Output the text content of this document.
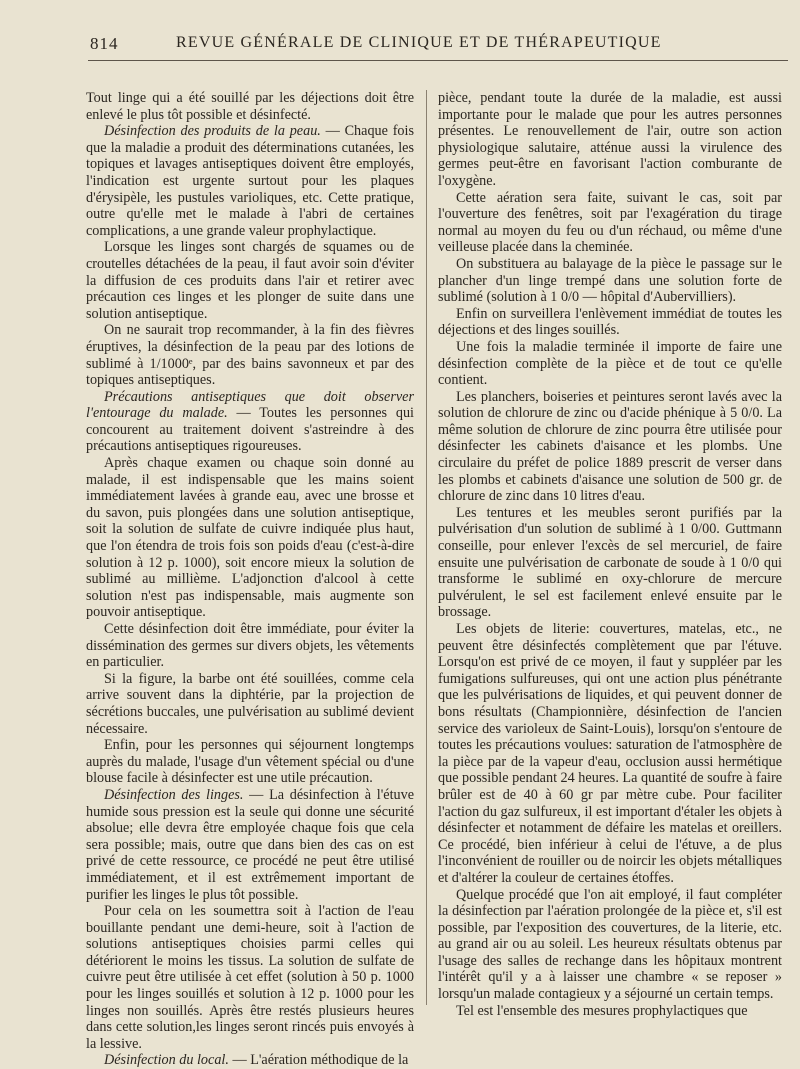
814	REVUE GÉNÉRALE DE CLINIQUE ET DE THÉRAPEUTIQUE

Tout linge qui a été souillé par les déjections doit être enlevé le plus tôt possible et désinfecté.

Désinfection des produits de la peau. — Chaque fois que la maladie a produit des déterminations cutanées, les topiques et lavages antiseptiques doivent être employés, l'indication est urgente surtout pour les plaques d'érysipèle, les pustules varioliques, etc. Cette pratique, outre qu'elle met le malade à l'abri de certaines complications, a une grande valeur prophylactique.

Lorsque les linges sont chargés de squames ou de croutelles détachées de la peau, il faut avoir soin d'éviter la diffusion de ces produits dans l'air et retirer avec précaution ces linges et les plonger de suite dans une solution antiseptique.

On ne saurait trop recommander, à la fin des fièvres éruptives, la désinfection de la peau par des lotions de sublimé à 1/1000ᵉ, par des bains savonneux et par des topiques antiseptiques.

Précautions antiseptiques que doit observer l'entourage du malade. — Toutes les personnes qui concourent au traitement doivent s'astreindre à des précautions antiseptiques rigoureuses.

Après chaque examen ou chaque soin donné au malade, il est indispensable que les mains soient immédiatement lavées à grande eau, avec une brosse et du savon, puis plongées dans une solution antiseptique, soit la solution de sulfate de cuivre indiquée plus haut, que l'on étendra de trois fois son poids d'eau (c'est-à-dire solution à 12 p. 1000), soit encore mieux la solution de sublimé au millième. L'adjonction d'alcool à cette solution n'est pas indispensable, mais augmente son pouvoir antiseptique.

Cette désinfection doit être immédiate, pour éviter la dissémination des germes sur divers objets, les vêtements en particulier.

Si la figure, la barbe ont été souillées, comme cela arrive souvent dans la diphtérie, par la projection de sécrétions buccales, une pulvérisation au sublimé devient nécessaire.

Enfin, pour les personnes qui séjournent longtemps auprès du malade, l'usage d'un vêtement spécial ou d'une blouse facile à désinfecter est une utile précaution.

Désinfection des linges. — La désinfection à l'étuve humide sous pression est la seule qui donne une sécurité absolue; elle devra être employée chaque fois que cela sera possible; mais, outre que dans bien des cas on est privé de cette ressource, ce procédé ne peut être utilisé immédiatement, et il est extrêmement important de purifier les linges le plus tôt possible.

Pour cela on les soumettra soit à l'action de l'eau bouillante pendant une demi-heure, soit à l'action de solutions antiseptiques choisies parmi celles qui détériorent le moins les tissus. La solution de sulfate de cuivre peut être utilisée à cet effet (solution à 50 p. 1000 pour les linges souillés et solution à 12 p. 1000 pour les linges non souillés. Après être restés plusieurs heures dans cette solution,les linges seront rincés puis envoyés à la lessive.

Désinfection du local. — L'aération méthodique de la

pièce, pendant toute la durée de la maladie, est aussi importante pour le malade que pour les autres personnes présentes. Le renouvellement de l'air, outre son action physiologique salutaire, atténue aussi la virulence des germes peut-être en favorisant l'action comburante de l'oxygène.

Cette aération sera faite, suivant le cas, soit par l'ouverture des fenêtres, soit par l'exagération du tirage normal au moyen du feu ou d'un réchaud, ou même d'une veilleuse placée dans la cheminée.

On substituera au balayage de la pièce le passage sur le plancher d'un linge trempé dans une solution forte de sublimé (solution à 1 0/0 — hôpital d'Aubervilliers).

Enfin on surveillera l'enlèvement immédiat de toutes les déjections et des linges souillés.

Une fois la maladie terminée il importe de faire une désinfection complète de la pièce et de tout ce qu'elle contient.

Les planchers, boiseries et peintures seront lavés avec la solution de chlorure de zinc ou d'acide phénique à 5 0/0. La même solution de chlorure de zinc pourra être utilisée pour désinfecter les cabinets d'aisance et les plombs. Une circulaire du préfet de police 1889 prescrit de verser dans les plombs et cabinets d'aisance une solution de 500 gr. de chlorure de zinc dans 10 litres d'eau.

Les tentures et les meubles seront purifiés par la pulvérisation d'un solution de sublimé à 1 0/00. Guttmann conseille, pour enlever l'excès de sel mercuriel, de faire ensuite une pulvérisation de carbonate de soude à 1 0/0 qui transforme le sublimé en oxy-chlorure de mercure pulvérulent, le sel est facilement enlevé ensuite par le brossage.

Les objets de literie: couvertures, matelas, etc., ne peuvent être désinfectés complètement que par l'étuve. Lorsqu'on est privé de ce moyen, il faut y suppléer par les fumigations sulfureuses, qui ont une action plus pénétrante que les pulvérisations de liquides, et qui peuvent donner de bons résultats (Championnière, désinfection de l'ancien service des varioleux de Saint-Louis), lorsqu'on s'entoure de toutes les précautions voulues: saturation de l'atmosphère de la pièce par de la vapeur d'eau, occlusion aussi hermétique que possible pendant 24 heures. La quantité de soufre à faire brûler est de 40 à 60 gr par mètre cube. Pour faciliter l'action du gaz sulfureux, il est important d'étaler les objets à désinfecter et notamment de défaire les matelas et oreillers. Ce procédé, bien inférieur à celui de l'étuve, a de plus l'inconvénient de rouiller ou de noircir les objets métalliques et d'altérer la couleur de certaines étoffes.

Quelque procédé que l'on ait employé, il faut compléter la désinfection par l'aération prolongée de la pièce et, s'il est possible, par l'exposition des couvertures, de la literie, etc. au grand air ou au soleil. Les heureux résultats obtenus par l'usage des salles de rechange dans les hôpitaux montrent l'intérêt qu'il y a à laisser une chambre « se reposer » lorsqu'un malade contagieux y a séjourné un certain temps.

Tel est l'ensemble des mesures prophylactiques que
